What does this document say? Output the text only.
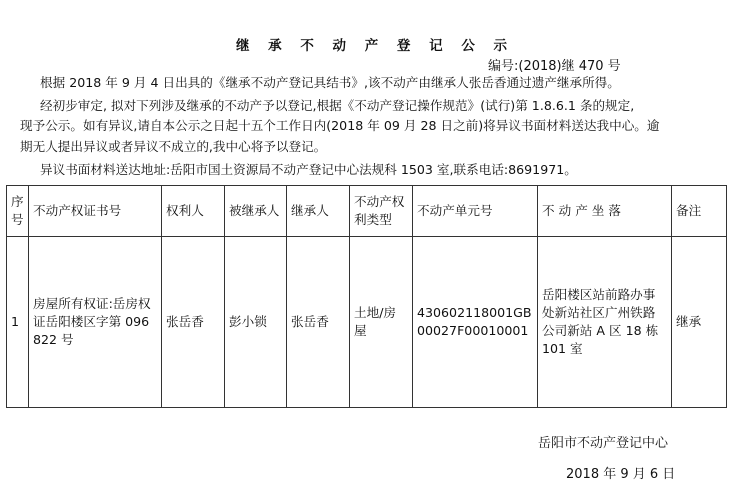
继 承 不 动 产 登 记 公 示
编号:(2018)继 470 号
根据 2018 年 9 月 4 日出具的《继承不动产登记具结书》,该不动产由继承人张岳香通过遗产继承所得。
经初步审定, 拟对下列涉及继承的不动产予以登记,根据《不动产登记操作规范》(试行)第 1.8.6.1 条的规定,
现予公示。如有异议,请自本公示之日起十五个工作日内(2018 年 09 月 28 日之前)将异议书面材料送达我中心。逾
期无人提出异议或者异议不成立的,我中心将予以登记。
异议书面材料送达地址:岳阳市国土资源局不动产登记中心法规科 1503 室,联系电话:8691971。
序号	不动产权证书号	权利人	被继承人	继承人	不动产权利类型	不动产单元号	不 动 产 坐 落	备注
1	房屋所有权证:岳房权证岳阳楼区字第 096822 号	张岳香	彭小锁	张岳香	土地/房屋	430602118001GB00027F00010001	岳阳楼区站前路办事处新站社区广州铁路公司新站 A 区 18 栋 101 室	继承
岳阳市不动产登记中心
2018 年 9 月 6 日
